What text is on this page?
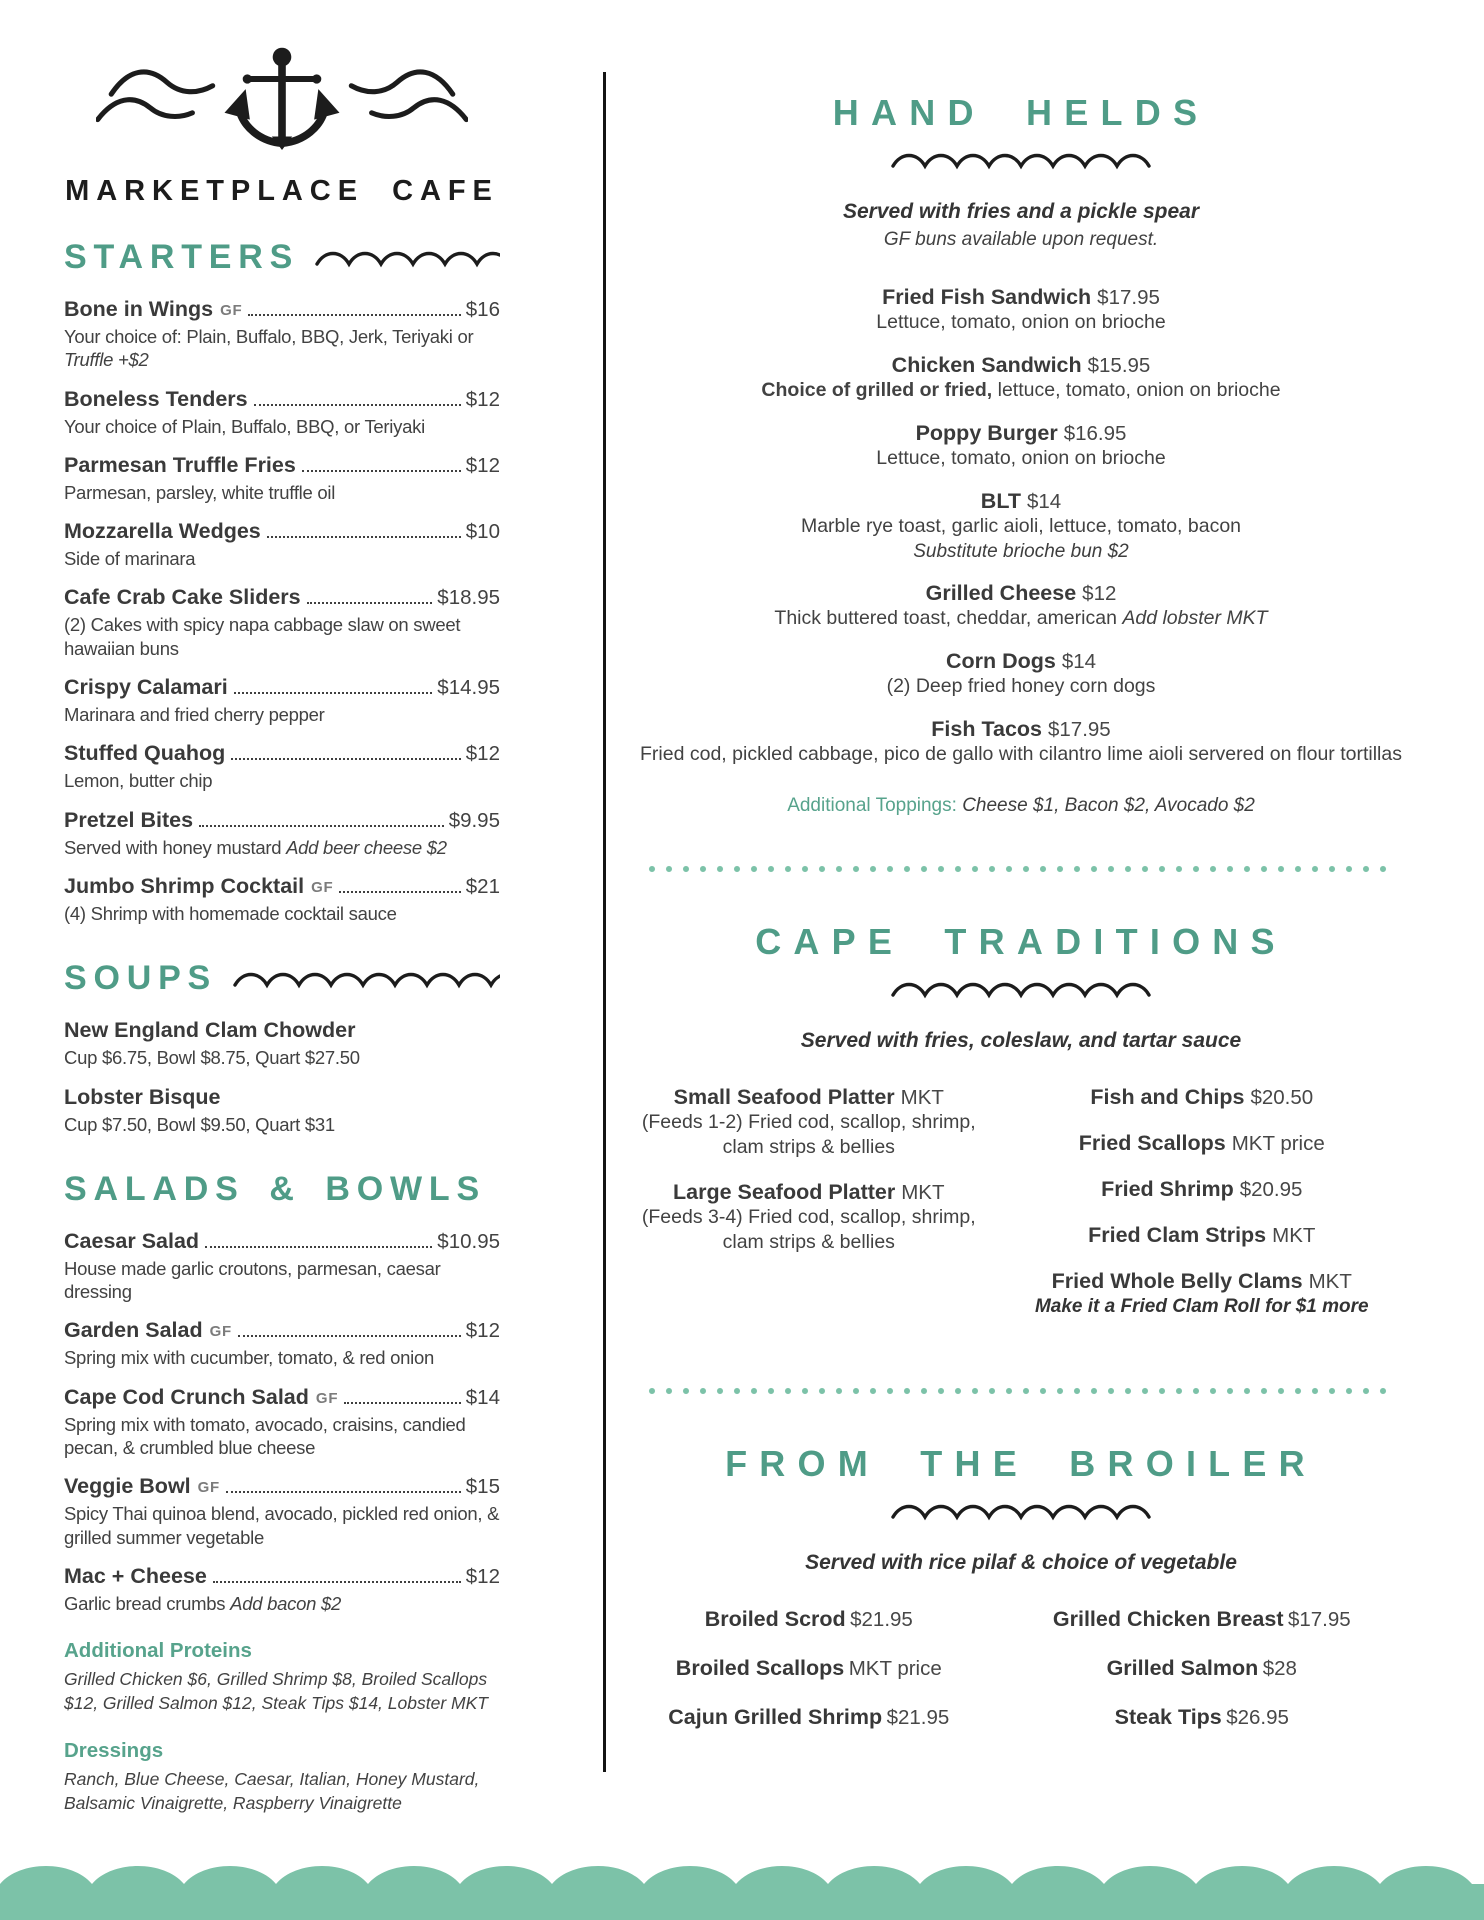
MARKETPLACE CAFE
STARTERS
Bone in Wings GF	$16
Your choice of: Plain, Buffalo, BBQ, Jerk, Teriyaki or Truffle +$2
Boneless Tenders	$12
Your choice of Plain, Buffalo, BBQ, or Teriyaki
Parmesan Truffle Fries	$12
Parmesan, parsley, white truffle oil
Mozzarella Wedges	$10
Side of marinara
Cafe Crab Cake Sliders	$18.95
(2) Cakes with spicy napa cabbage slaw on sweet hawaiian buns
Crispy Calamari	$14.95
Marinara and fried cherry pepper
Stuffed Quahog	$12
Lemon, butter chip
Pretzel Bites	$9.95
Served with honey mustard Add beer cheese $2
Jumbo Shrimp Cocktail GF	$21
(4) Shrimp with homemade cocktail sauce
SOUPS
New England Clam Chowder
Cup $6.75, Bowl $8.75, Quart $27.50
Lobster Bisque
Cup $7.50, Bowl $9.50, Quart $31
SALADS & BOWLS
Caesar Salad	$10.95
House made garlic croutons, parmesan, caesar dressing
Garden Salad GF	$12
Spring mix with cucumber, tomato, & red onion
Cape Cod Crunch Salad GF	$14
Spring mix with tomato, avocado, craisins, candied pecan, & crumbled blue cheese
Veggie Bowl GF	$15
Spicy Thai quinoa blend, avocado, pickled red onion, & grilled summer vegetable
Mac + Cheese	$12
Garlic bread crumbs Add bacon $2
Additional Proteins
Grilled Chicken $6, Grilled Shrimp $8, Broiled Scallops $12, Grilled Salmon $12, Steak Tips $14, Lobster MKT
Dressings
Ranch, Blue Cheese, Caesar, Italian, Honey Mustard, Balsamic Vinaigrette, Raspberry Vinaigrette
HAND HELDS
Served with fries and a pickle spear
GF buns available upon request.
Fried Fish Sandwich $17.95
Lettuce, tomato, onion on brioche
Chicken Sandwich $15.95
Choice of grilled or fried, lettuce, tomato, onion on brioche
Poppy Burger $16.95
Lettuce, tomato, onion on brioche
BLT $14
Marble rye toast, garlic aioli, lettuce, tomato, bacon
Substitute brioche bun $2
Grilled Cheese $12
Thick buttered toast, cheddar, american Add lobster MKT
Corn Dogs $14
(2) Deep fried honey corn dogs
Fish Tacos $17.95
Fried cod, pickled cabbage, pico de gallo with cilantro lime aioli servered on flour tortillas
Additional Toppings: Cheese $1, Bacon $2, Avocado $2
CAPE TRADITIONS
Served with fries, coleslaw, and tartar sauce
Small Seafood Platter MKT
(Feeds 1-2) Fried cod, scallop, shrimp, clam strips & bellies
Large Seafood Platter MKT
(Feeds 3-4) Fried cod, scallop, shrimp, clam strips & bellies
Fish and Chips $20.50
Fried Scallops MKT price
Fried Shrimp $20.95
Fried Clam Strips MKT
Fried Whole Belly Clams MKT
Make it a Fried Clam Roll for $1 more
FROM THE BROILER
Served with rice pilaf & choice of vegetable
Broiled Scrod $21.95
Broiled Scallops MKT price
Cajun Grilled Shrimp $21.95
Grilled Chicken Breast $17.95
Grilled Salmon $28
Steak Tips $26.95
